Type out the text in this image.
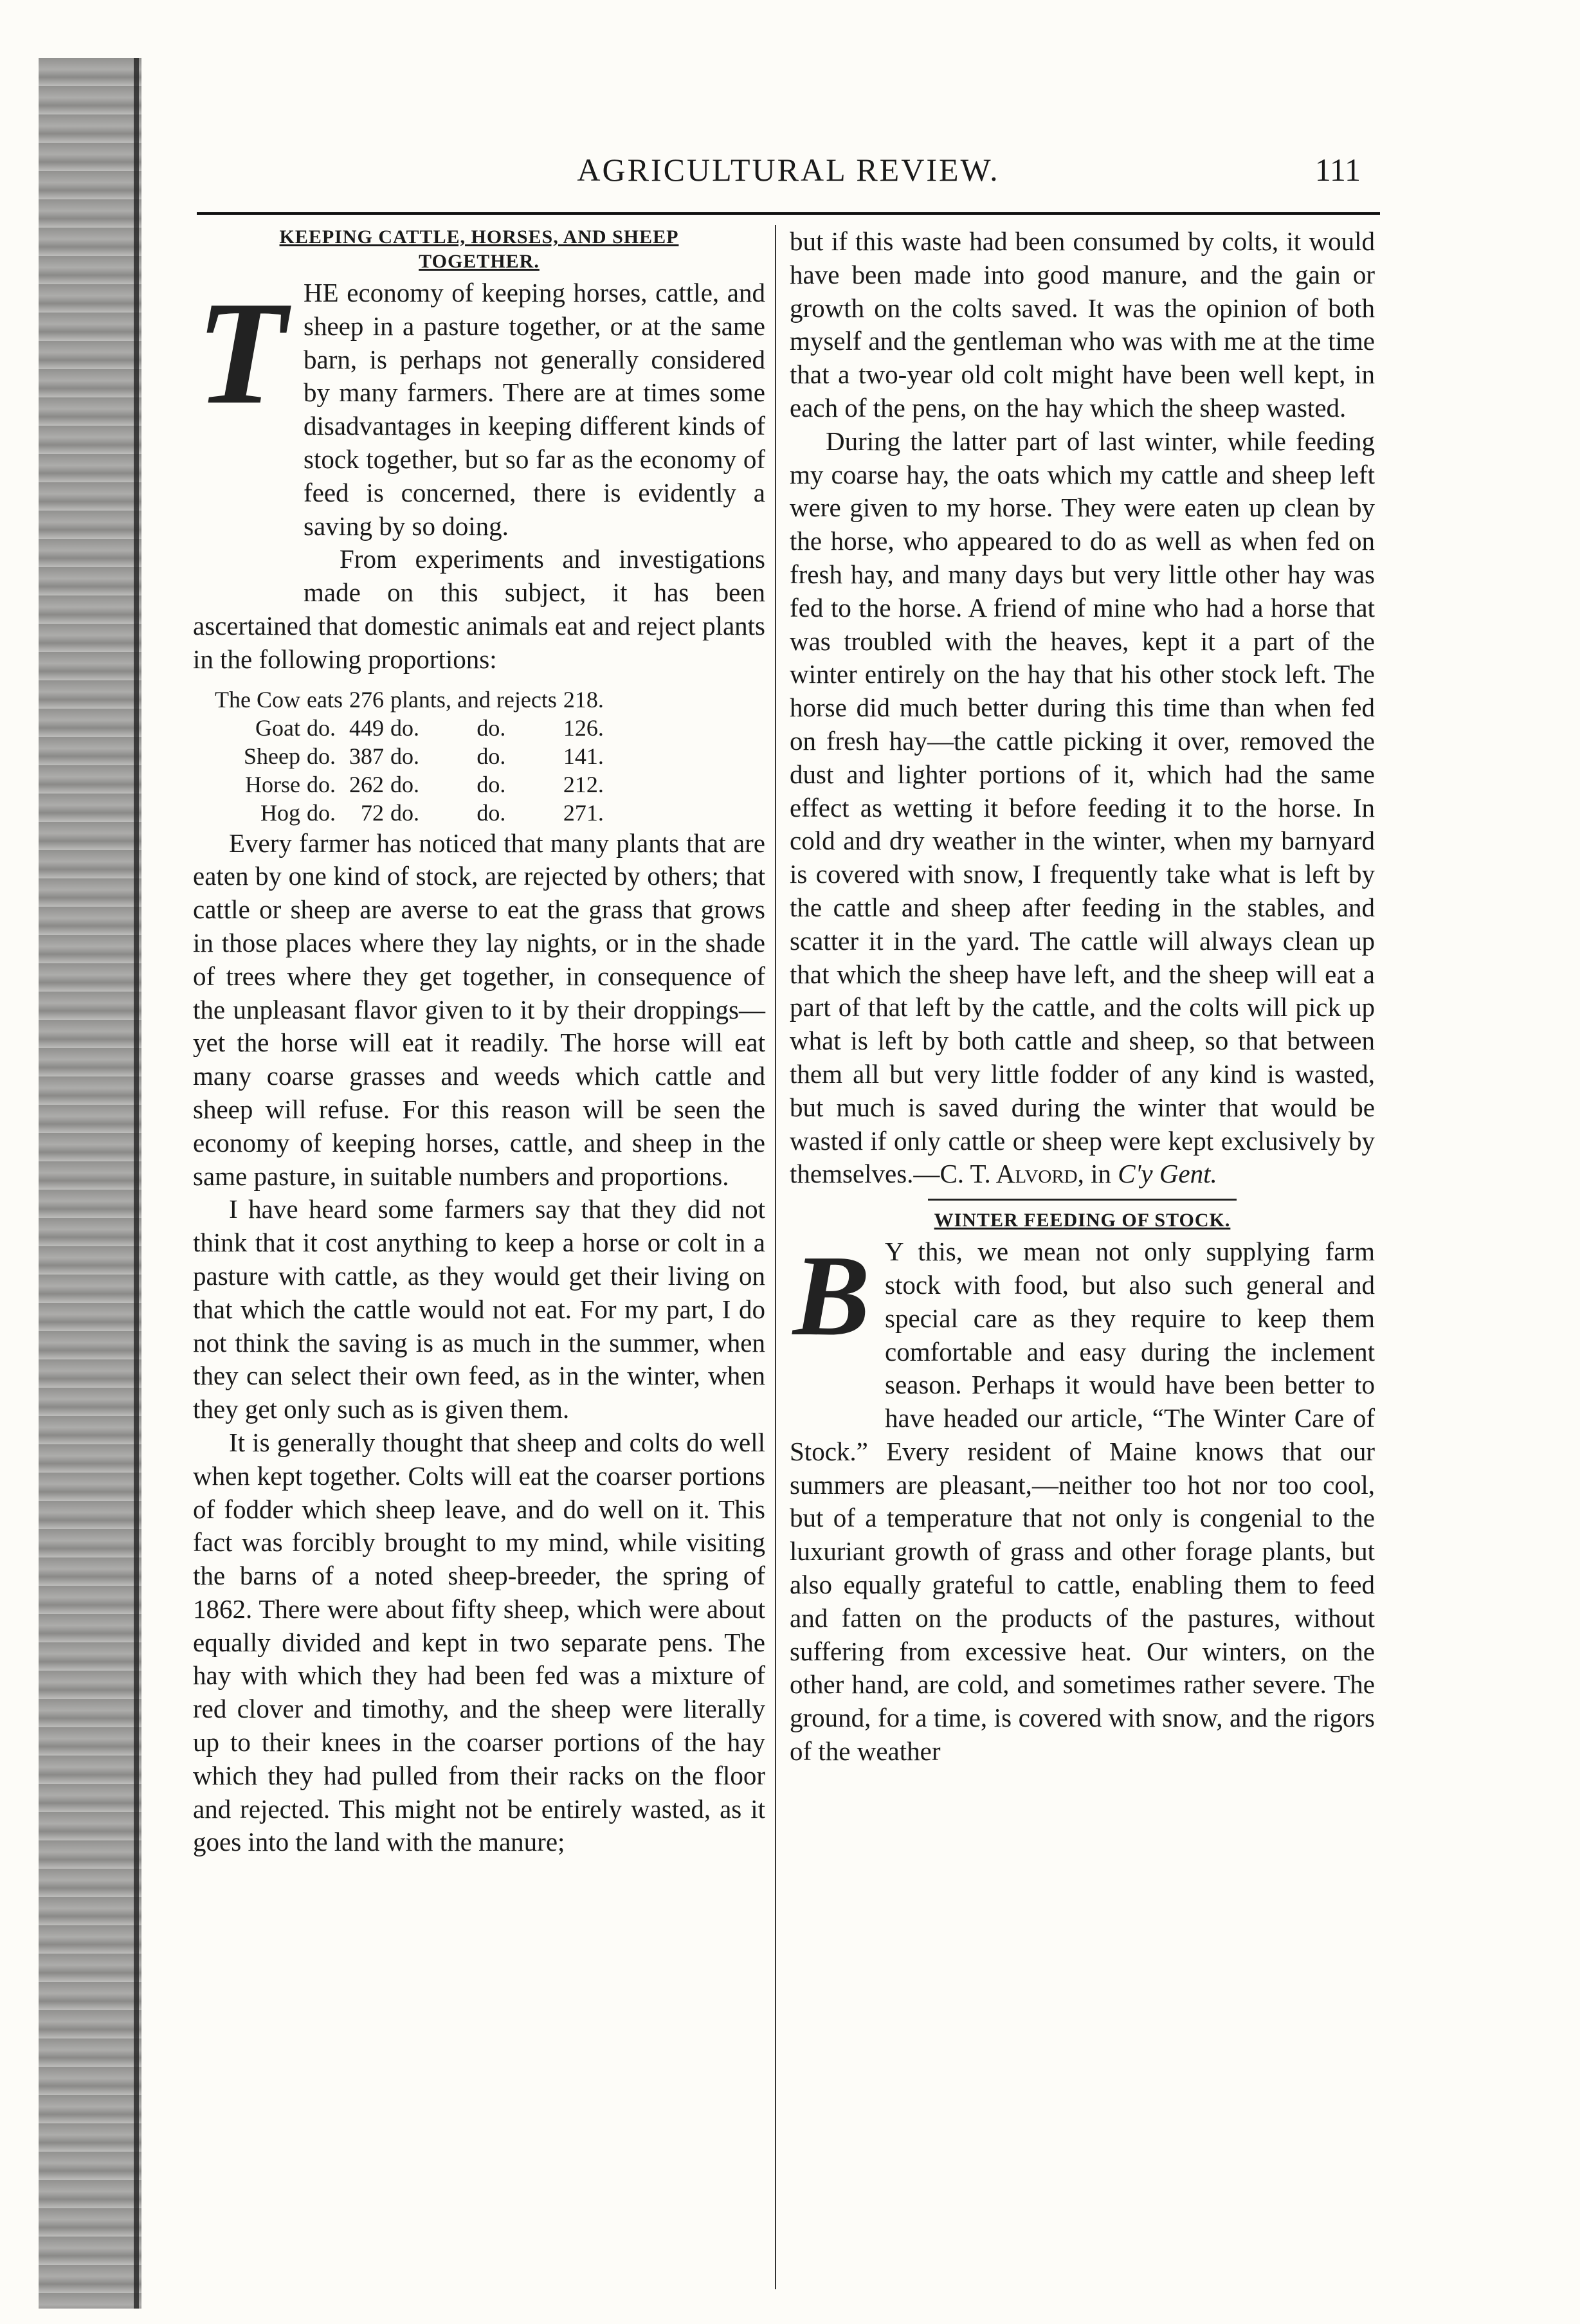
AGRICULTURAL REVIEW.	111
KEEPING CATTLE, HORSES, AND SHEEP
TOGETHER.

THE economy of keeping horses, cattle, and sheep in a pasture together, or at the same barn, is perhaps not generally considered by many farmers. There are at times some disadvantages in keeping different kinds of stock together, but so far as the economy of feed is concerned, there is evidently a saving by so doing.

From experiments and investigations made on this subject, it has been ascertained that domestic animals eat and reject plants in the following proportions:

The Cow	eats	276	plants, and rejects		218.
Goat	do.	449	do.	do.	126.
Sheep	do.	387	do.	do.	141.
Horse	do.	262	do.	do.	212.
Hog	do.	72	do.	do.	271.

Every farmer has noticed that many plants that are eaten by one kind of stock, are rejected by others; that cattle or sheep are averse to eat the grass that grows in those places where they lay nights, or in the shade of trees where they get together, in consequence of the unpleasant flavor given to it by their droppings—yet the horse will eat it readily. The horse will eat many coarse grasses and weeds which cattle and sheep will refuse. For this reason will be seen the economy of keeping horses, cattle, and sheep in the same pasture, in suitable numbers and proportions.

I have heard some farmers say that they did not think that it cost anything to keep a horse or colt in a pasture with cattle, as they would get their living on that which the cattle would not eat. For my part, I do not think the saving is as much in the summer, when they can select their own feed, as in the winter, when they get only such as is given them.

It is generally thought that sheep and colts do well when kept together. Colts will eat the coarser portions of fodder which sheep leave, and do well on it. This fact was forcibly brought to my mind, while visiting the barns of a noted sheep-breeder, the spring of 1862. There were about fifty sheep, which were about equally divided and kept in two separate pens. The hay with which they had been fed was a mixture of red clover and timothy, and the sheep were literally up to their knees in the coarser portions of the hay which they had pulled from their racks on the floor and rejected. This might not be entirely wasted, as it goes into the land with the manure;

but if this waste had been consumed by colts, it would have been made into good manure, and the gain or growth on the colts saved. It was the opinion of both myself and the gentleman who was with me at the time that a two-year old colt might have been well kept, in each of the pens, on the hay which the sheep wasted.

During the latter part of last winter, while feeding my coarse hay, the oats which my cattle and sheep left were given to my horse. They were eaten up clean by the horse, who appeared to do as well as when fed on fresh hay, and many days but very little other hay was fed to the horse. A friend of mine who had a horse that was troubled with the heaves, kept it a part of the winter entirely on the hay that his other stock left. The horse did much better during this time than when fed on fresh hay—the cattle picking it over, removed the dust and lighter portions of it, which had the same effect as wetting it before feeding it to the horse. In cold and dry weather in the winter, when my barnyard is covered with snow, I frequently take what is left by the cattle and sheep after feeding in the stables, and scatter it in the yard. The cattle will always clean up that which the sheep have left, and the sheep will eat a part of that left by the cattle, and the colts will pick up what is left by both cattle and sheep, so that between them all but very little fodder of any kind is wasted, but much is saved during the winter that would be wasted if only cattle or sheep were kept exclusively by themselves.—C. T. Alvord, in C'y Gent.

WINTER FEEDING OF STOCK.

B Y this, we mean not only supplying farm stock with food, but also such general and special care as they require to keep them comfortable and easy during the inclement season. Perhaps it would have been better to have headed our article, “The Winter Care of Stock.” Every resident of Maine knows that our summers are pleasant,—neither too hot nor too cool, but of a temperature that not only is congenial to the luxuriant growth of grass and other forage plants, but also equally grateful to cattle, enabling them to feed and fatten on the products of the pastures, without suffering from excessive heat. Our winters, on the other hand, are cold, and sometimes rather severe. The ground, for a time, is covered with snow, and the rigors of the weather
